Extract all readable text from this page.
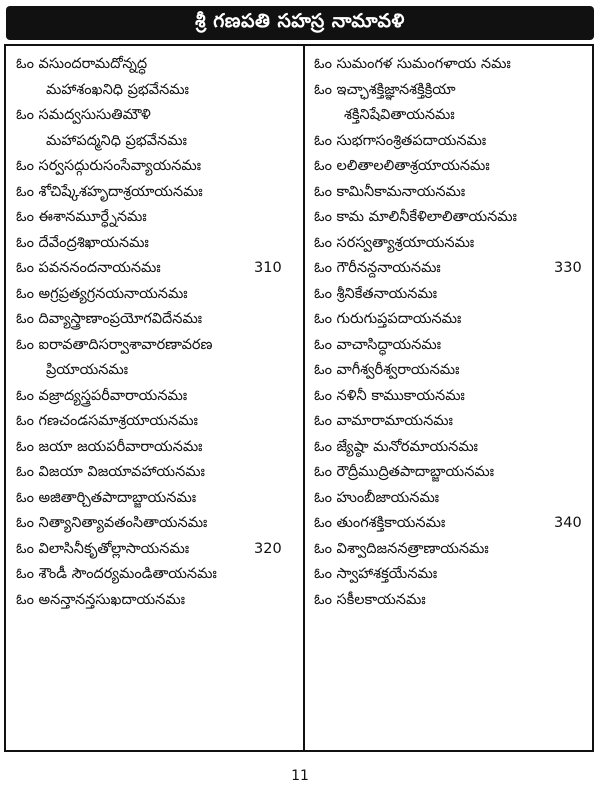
శ్రీ గణపతి సహస్ర నామావళి
ఓం వసుందరామదోన్నద్ధ
మహాశంఖనిధి ప్రభవేనమః
ఓం సమద్వసుసుతిమౌళి
మహాపద్మనిధి ప్రభవేనమః
ఓం సర్వసద్గురుసంసేవ్యాయనమః
ఓం శోచిష్కేశహృదాశ్రయాయనమః
ఓం ఈశానమూర్ధ్నేనమః
ఓం దేవేంద్రశిఖాయనమః
ఓం పవననందనాయనమః	310
ఓం అగ్రప్రత్యగ్రనయనాయనమః
ఓం దివ్యాస్త్రాణాంప్రయోగవిదేనమః
ఓం ఐరావతాదిసర్వాశావారణావరణ
ప్రియాయనమః
ఓం వజ్రాద్యస్త్రపరీవారాయనమః
ఓం గణచండసమాశ్రయాయనమః
ఓం జయా జయపరీవారాయనమః
ఓం విజయా విజయావహాయనమః
ఓం అజితార్చితపాదాబ్జాయనమః
ఓం నిత్యానిత్యావతంసితాయనమః
ఓం విలాసినీకృతోల్లాసాయనమః	320
ఓం శౌండీ సౌందర్యమండితాయనమః
ఓం అనన్తానన్తసుఖదాయనమః
ఓం సుమంగళ సుమంగళాయ నమః
ఓం ఇచ్ఛాశక్తిజ్ఞానశక్తిక్రియా
శక్తినిషేవితాయనమః
ఓం సుభగాసంశ్రితపదాయనమః
ఓం లలితాలలితాశ్రయాయనమః
ఓం కామినీకామనాయనమః
ఓం కామ మాలినీకేళిలాలితాయనమః
ఓం సరస్వత్యాశ్రయాయనమః
ఓం గౌరీనన్దనాయనమః	330
ఓం శ్రీనికేతనాయనమః
ఓం గురుగుప్తపదాయనమః
ఓం వాచాసిద్ధాయనమః
ఓం వాగీశ్వరీశ్వరాయనమః
ఓం నళినీ కాముకాయనమః
ఓం వామారామాయనమః
ఓం జ్యేష్ఠా మనోరమాయనమః
ఓం రౌద్రీముద్రితపాదాబ్జాయనమః
ఓం హుంబీజాయనమః
ఓం తుంగశక్తికాయనమః	340
ఓం విశ్వాదిజననత్రాణాయనమః
ఓం స్వాహాశక్తయేనమః
ఓం సకీలకాయనమః
11
